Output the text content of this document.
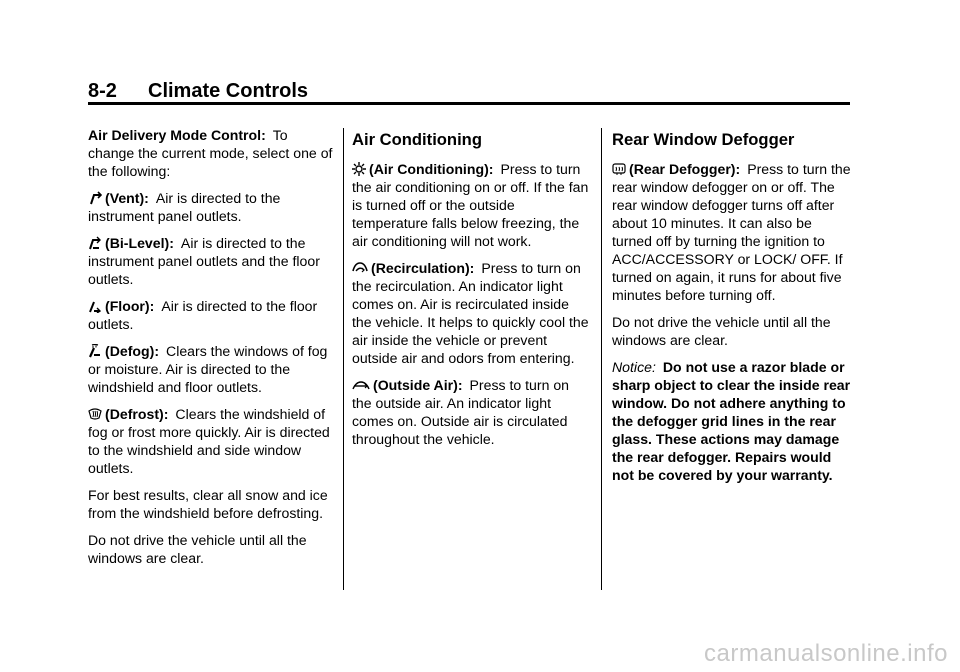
8-2 Climate Controls

Air Delivery Mode Control: To change the current mode, select one of the following:

(Vent): Air is directed to the instrument panel outlets.

(Bi-Level): Air is directed to the instrument panel outlets and the floor outlets.

(Floor): Air is directed to the floor outlets.

(Defog): Clears the windows of fog or moisture. Air is directed to the windshield and floor outlets.

(Defrost): Clears the windshield of fog or frost more quickly. Air is directed to the windshield and side window outlets.

For best results, clear all snow and ice from the windshield before defrosting.

Do not drive the vehicle until all the windows are clear.

Air Conditioning

(Air Conditioning): Press to turn the air conditioning on or off. If the fan is turned off or the outside temperature falls below freezing, the air conditioning will not work.

(Recirculation): Press to turn on the recirculation. An indicator light comes on. Air is recirculated inside the vehicle. It helps to quickly cool the air inside the vehicle or prevent outside air and odors from entering.

(Outside Air): Press to turn on the outside air. An indicator light comes on. Outside air is circulated throughout the vehicle.

Rear Window Defogger

(Rear Defogger): Press to turn the rear window defogger on or off. The rear window defogger turns off after about 10 minutes. It can also be turned off by turning the ignition to ACC/ACCESSORY or LOCK/ OFF. If turned on again, it runs for about five minutes before turning off.

Do not drive the vehicle until all the windows are clear.

Notice: Do not use a razor blade or sharp object to clear the inside rear window. Do not adhere anything to the defogger grid lines in the rear glass. These actions may damage the rear defogger. Repairs would not be covered by your warranty.

carmanualsonline.info
